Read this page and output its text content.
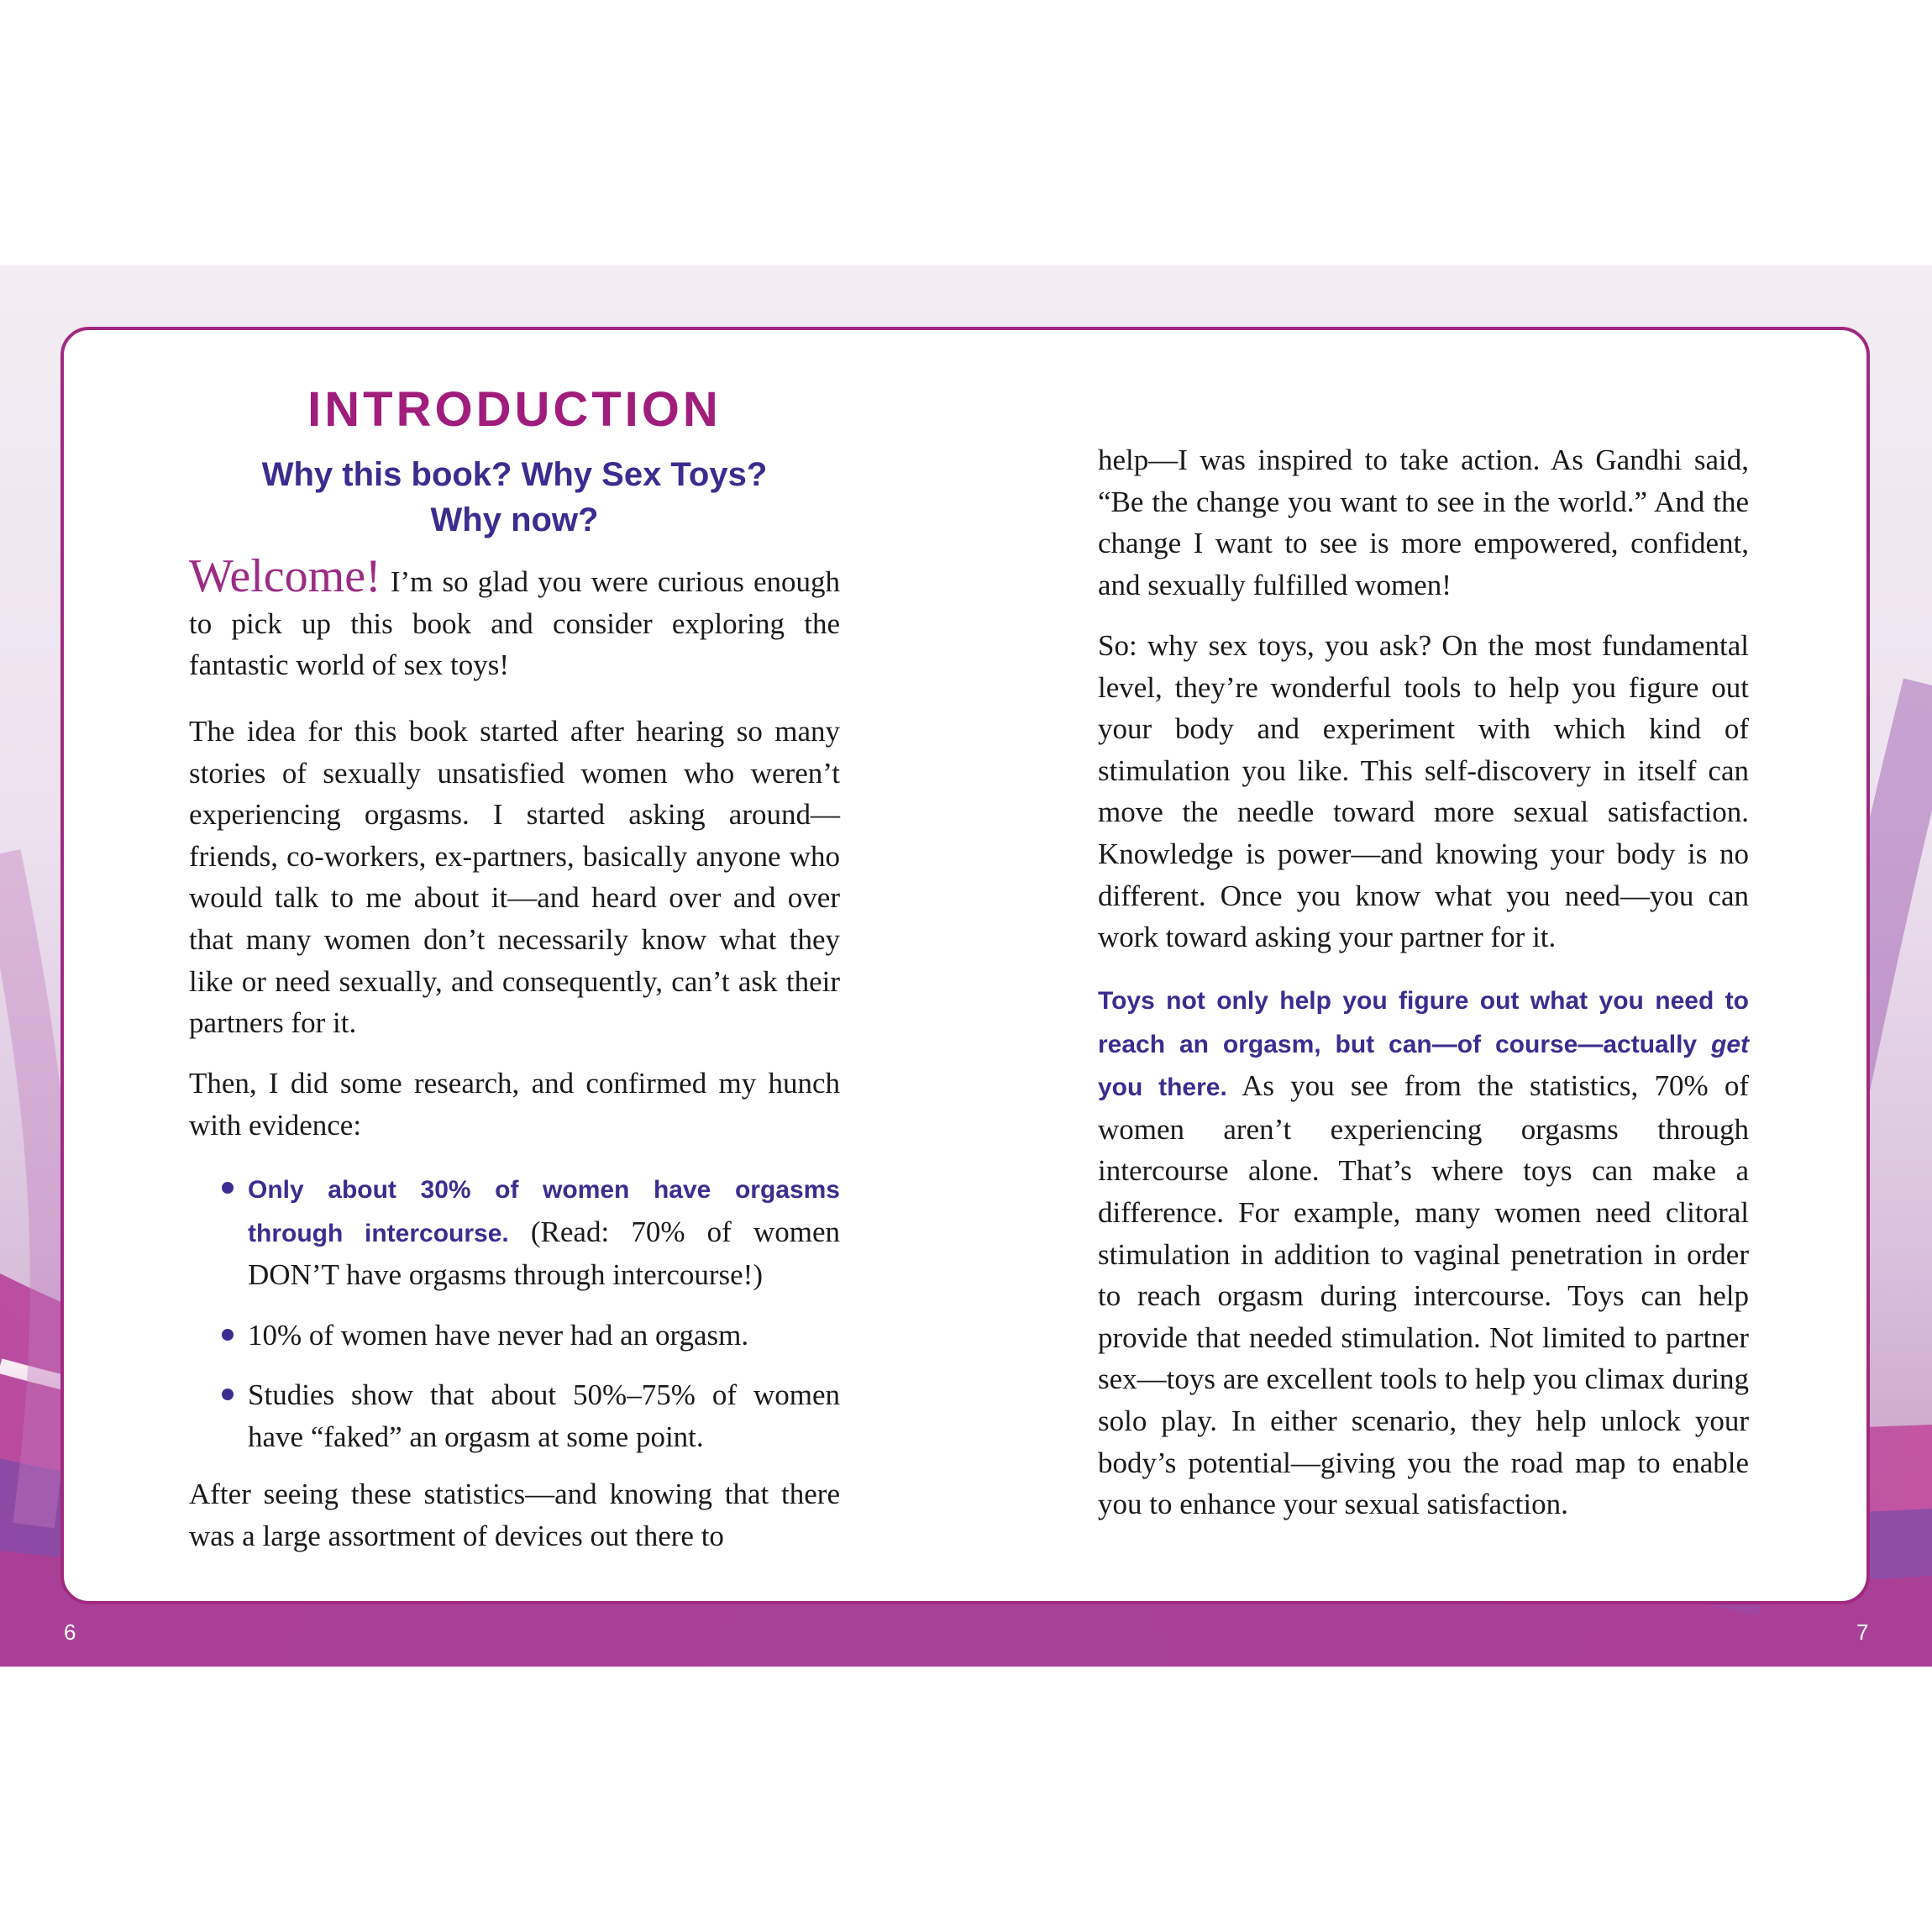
6	7
INTRODUCTION
Why this book? Why Sex Toys?
Why now?

Welcome! I’m so glad you were curious enough to pick up this book and consider exploring the fantastic world of sex toys!

The idea for this book started after hearing so many stories of sexually unsatisfied women who weren’t experiencing orgasms. I started asking around—friends, co-workers, ex-partners, basically anyone who would talk to me about it—and heard over and over that many women don’t necessarily know what they like or need sexually, and consequently, can’t ask their partners for it.

Then, I did some research, and confirmed my hunch with evidence:

Only about 30% of women have orgasms through intercourse. (Read: 70% of women DON’T have orgasms through intercourse!)
10% of women have never had an orgasm.
Studies show that about 50%–75% of women have “faked” an orgasm at some point.

After seeing these statistics—and knowing that there was a large assortment of devices out there to

help—I was inspired to take action. As Gandhi said, “Be the change you want to see in the world.” And the change I want to see is more empowered, confident, and sexually fulfilled women!

So: why sex toys, you ask? On the most fundamental level, they’re wonderful tools to help you figure out your body and experiment with which kind of stimulation you like. This self-discovery in itself can move the needle toward more sexual satisfaction. Knowledge is power—and knowing your body is no different. Once you know what you need—you can work toward asking your partner for it.

Toys not only help you figure out what you need to reach an orgasm, but can—of course—actually get you there. As you see from the statistics, 70% of women aren’t experiencing orgasms through intercourse alone. That’s where toys can make a difference. For example, many women need clitoral stimulation in addition to vaginal penetration in order to reach orgasm during intercourse. Toys can help provide that needed stimulation. Not limited to partner sex—toys are excellent tools to help you climax during solo play. In either scenario, they help unlock your body’s potential—giving you the road map to enable you to enhance your sexual satisfaction.
